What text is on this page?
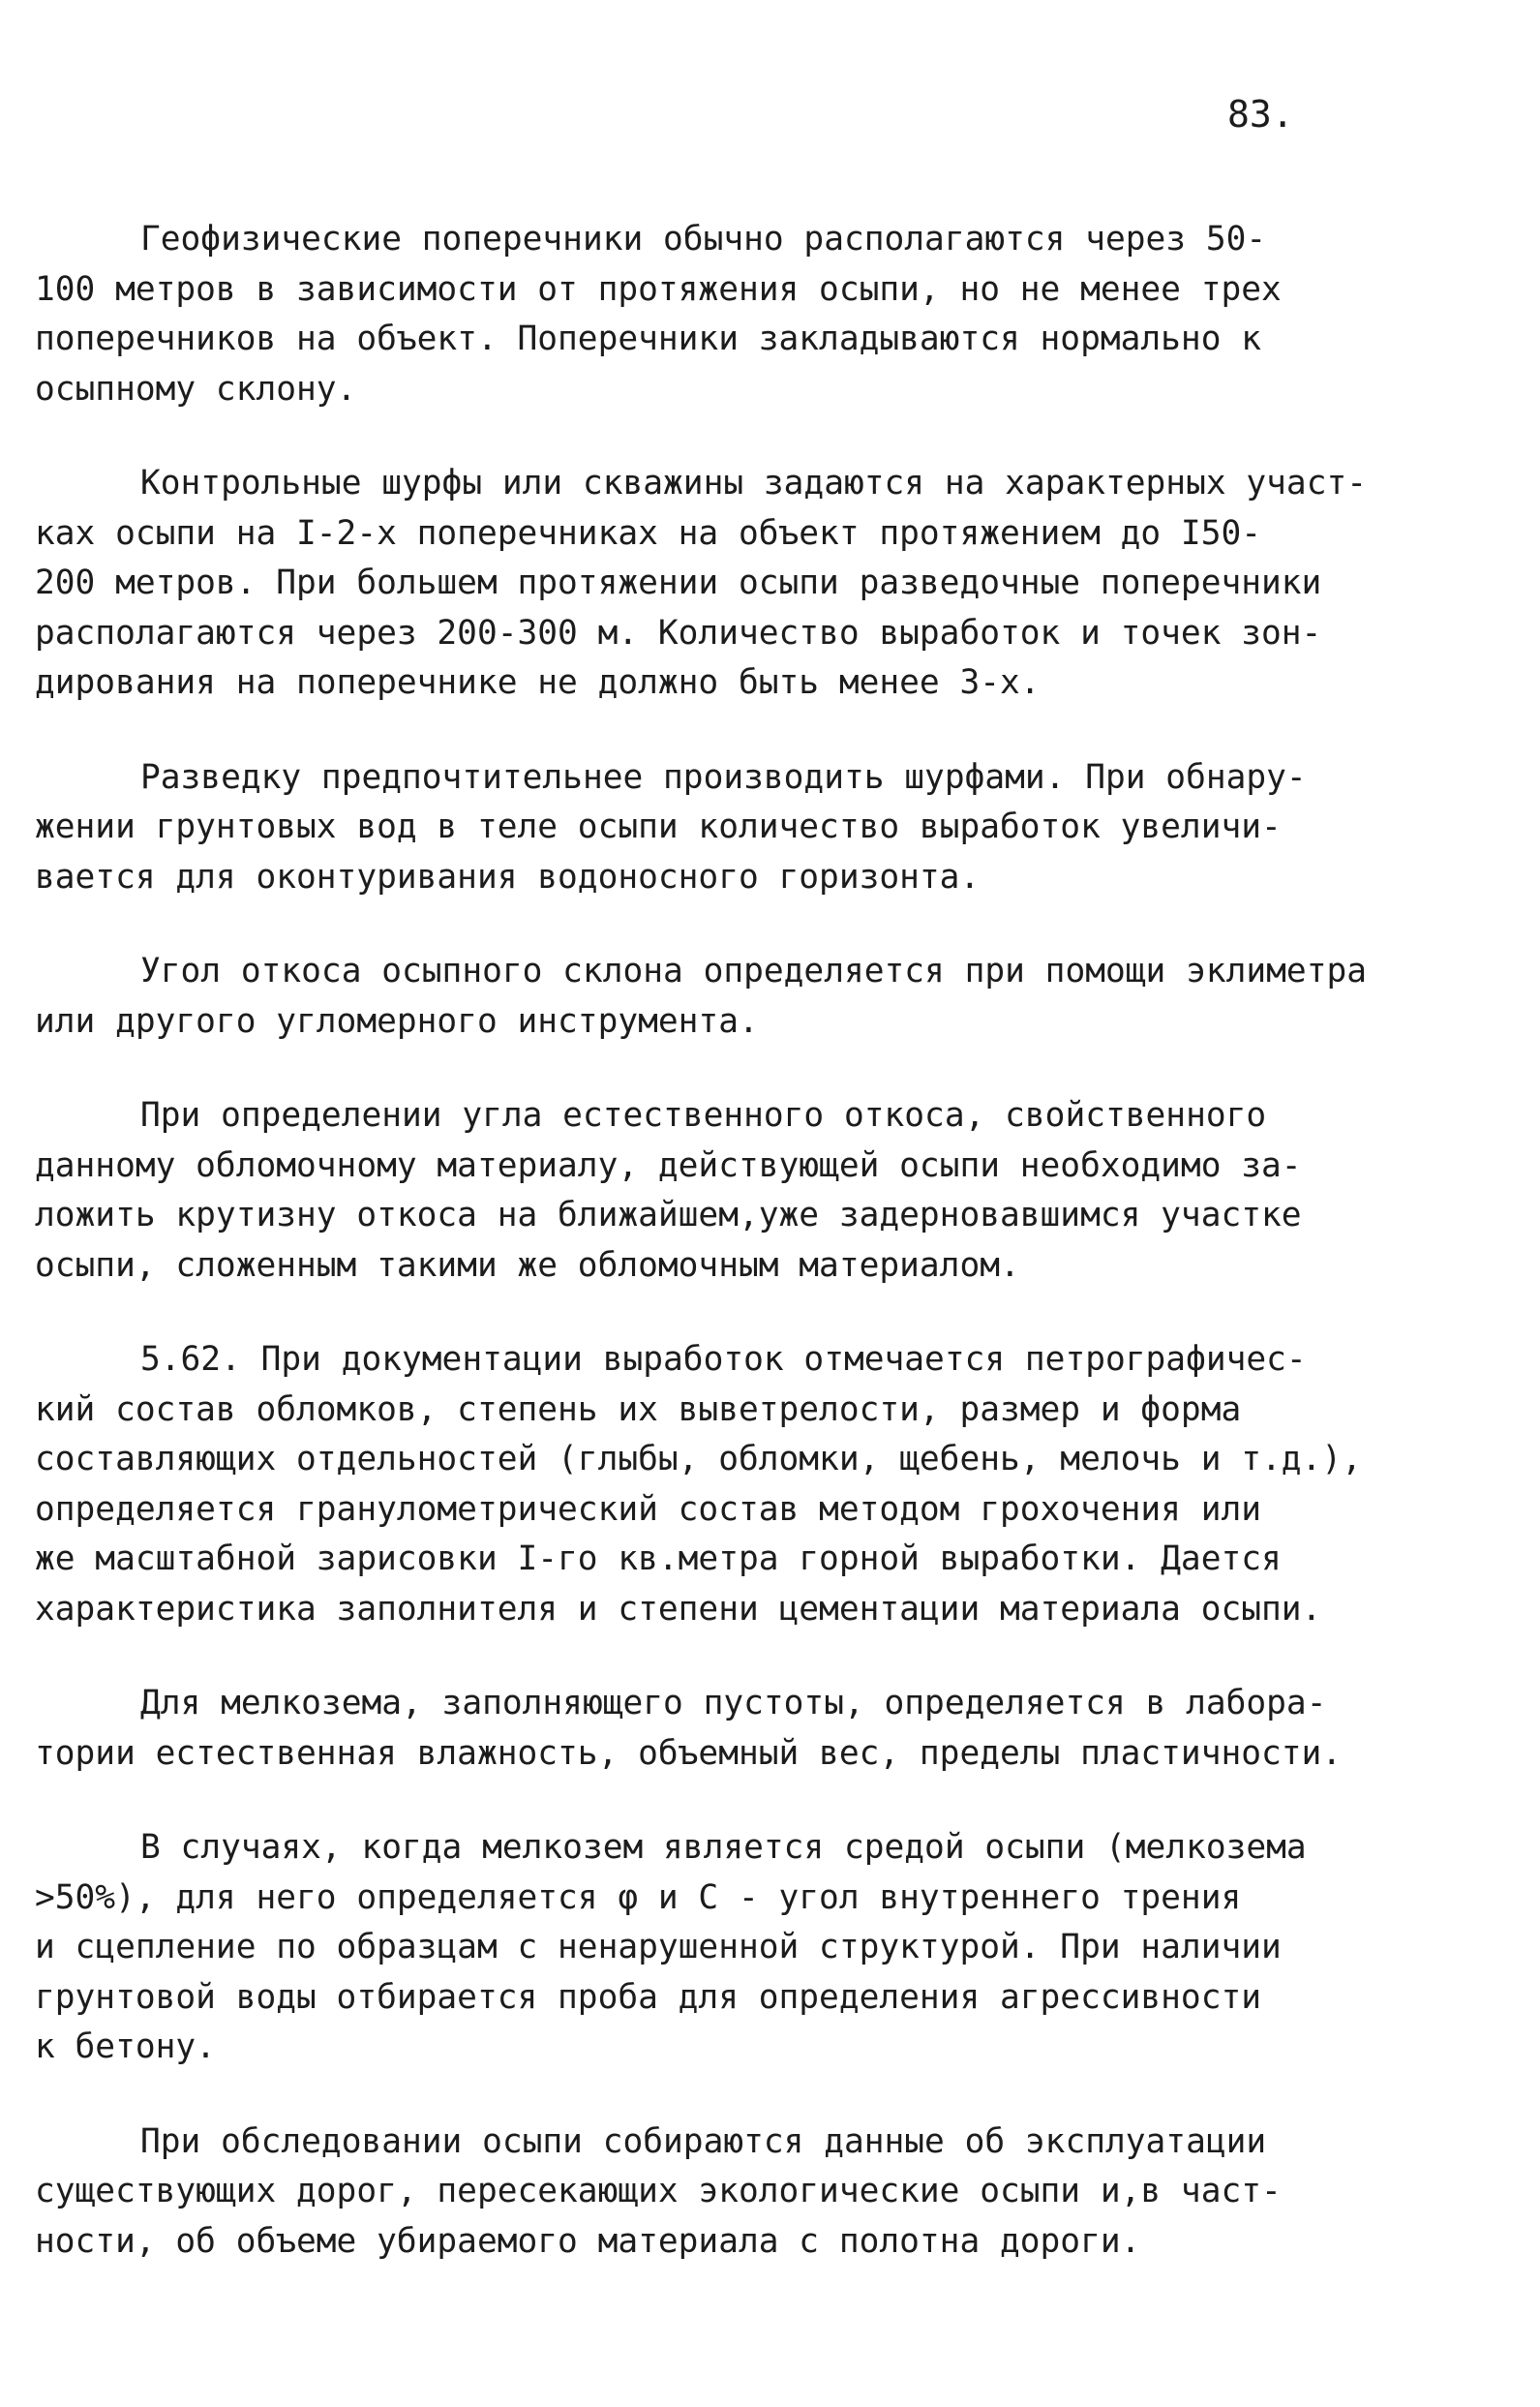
83.

Геофизические поперечники обычно располагаются через 50-
100 метров в зависимости от протяжения осыпи, но не менее трех
поперечников на объект. Поперечники закладываются нормально к
осыпному склону.

Контрольные шурфы или скважины задаются на характерных участ-
ках осыпи на I-2-х поперечниках на объект протяжением до I50-
200 метров. При большем протяжении осыпи разведочные поперечники
располагаются через 200-300 м. Количество выработок и точек зон-
дирования на поперечнике не должно быть менее 3-х.

Разведку предпочтительнее производить шурфами. При обнару-
жении грунтовых вод в теле осыпи количество выработок увеличи-
вается для оконтуривания водоносного горизонта.

Угол откоса осыпного склона определяется при помощи эклиметра
или другого угломерного инструмента.

При определении угла естественного откоса, свойственного
данному обломочному материалу, действующей осыпи необходимо за-
ложить крутизну откоса на ближайшем,уже задерновавшимся участке
осыпи, сложенным такими же обломочным материалом.

5.62. При документации выработок отмечается петрографичес-
кий состав обломков, степень их выветрелости, размер и форма
составляющих отдельностей (глыбы, обломки, щебень, мелочь и т.д.),
определяется гранулометрический состав методом грохочения или
же масштабной зарисовки I-го кв.метра горной выработки. Дается
характеристика заполнителя и степени цементации материала осыпи.

Для мелкозема, заполняющего пустоты, определяется в лабора-
тории естественная влажность, объемный вес, пределы пластичности.

В случаях, когда мелкозем является средой осыпи (мелкозема
>50%), для него определяется φ и С - угол внутреннего трения
и сцепление по образцам с ненарушенной структурой. При наличии
грунтовой воды отбирается проба для определения агрессивности
к бетону.

При обследовании осыпи собираются данные об эксплуатации
существующих дорог, пересекающих экологические осыпи и,в част-
ности, об объеме убираемого материала с полотна дороги.
